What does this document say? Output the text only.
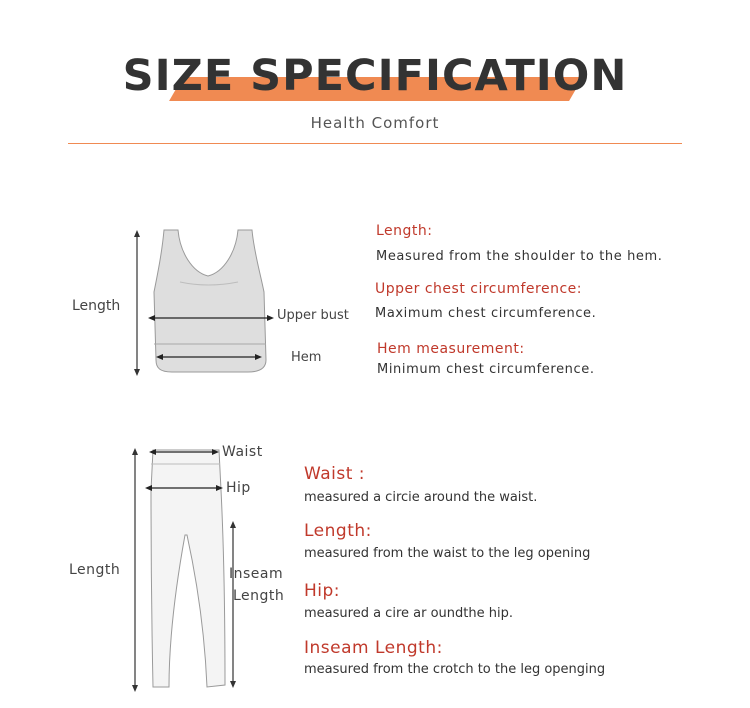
SIZE SPECIFICATION
Health Comfort
Length
Upper bust
Hem
Length:
Measured from the shoulder to the hem.
Upper chest circumference:
Maximum chest circumference.
Hem measurement:
Minimum chest circumference.
Waist
Hip
Length	Inseam
Length
Waist :
measured a circie around the waist.
Length:
measured from the waist to the leg opening
Hip:
measured a cire ar oundthe hip.
Inseam Length:
measured from the crotch to the leg openging
